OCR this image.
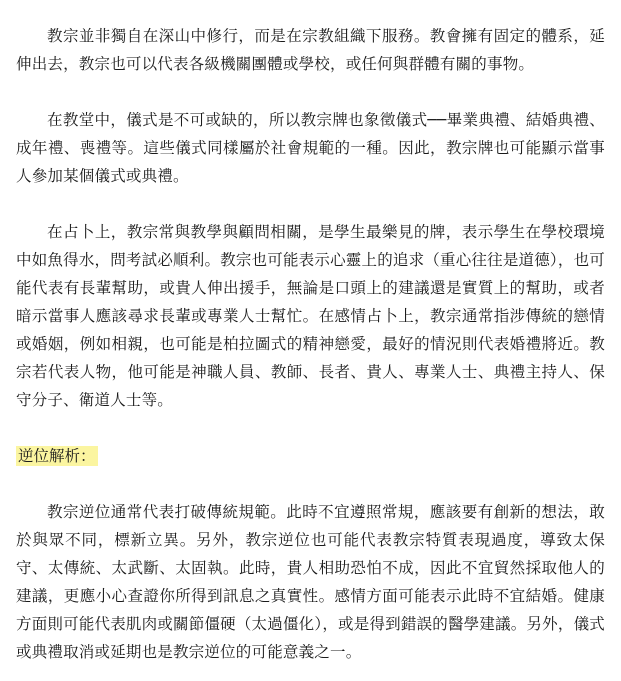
教宗並非獨自在深山中修行，而是在宗教組織下服務。教會擁有固定的體系，延伸出去，教宗也可以代表各級機關團體或學校，或任何與群體有關的事物。

在教堂中，儀式是不可或缺的，所以教宗牌也象徵儀式──畢業典禮、結婚典禮、成年禮、喪禮等。這些儀式同樣屬於社會規範的一種。因此，教宗牌也可能顯示當事人參加某個儀式或典禮。

在占卜上，教宗常與教學與顧問相關，是學生最樂見的牌，表示學生在學校環境中如魚得水，問考試必順利。教宗也可能表示心靈上的追求（重心往往是道德），也可能代表有長輩幫助，或貴人伸出援手，無論是口頭上的建議還是實質上的幫助，或者暗示當事人應該尋求長輩或專業人士幫忙。在感情占卜上，教宗通常指涉傳統的戀情或婚姻，例如相親，也可能是柏拉圖式的精神戀愛，最好的情況則代表婚禮將近。教宗若代表人物，他可能是神職人員、教師、長者、貴人、專業人士、典禮主持人、保守分子、衛道人士等。

逆位解析：

教宗逆位通常代表打破傳統規範。此時不宜遵照常規，應該要有創新的想法，敢於與眾不同，標新立異。另外，教宗逆位也可能代表教宗特質表現過度，導致太保守、太傳統、太武斷、太固執。此時，貴人相助恐怕不成，因此不宜貿然採取他人的建議，更應小心查證你所得到訊息之真實性。感情方面可能表示此時不宜結婚。健康方面則可能代表肌肉或關節僵硬（太過僵化），或是得到錯誤的醫學建議。另外，儀式或典禮取消或延期也是教宗逆位的可能意義之一。
